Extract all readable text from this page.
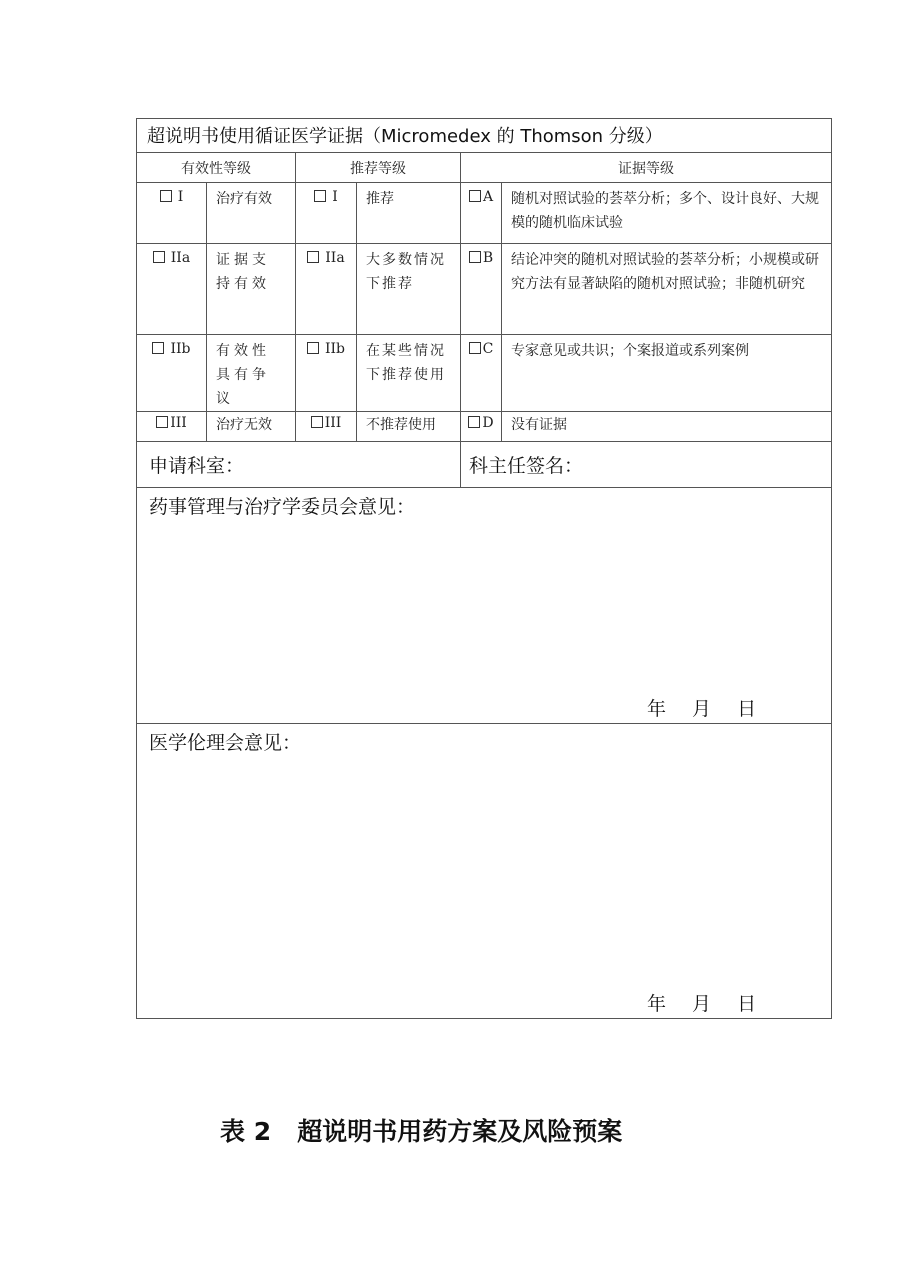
超说明书使用循证医学证据（Micromedex 的 Thomson 分级）					
有效性等级		推荐等级		证据等级	
I	治疗有效	I	推荐	A	随机对照试验的荟萃分析；多个、设计良好、大规模的随机临床试验
IIa	证据支持有效	IIa	大多数情况下推荐	B	结论冲突的随机对照试验的荟萃分析；小规模或研究方法有显著缺陷的随机对照试验；非随机研究
IIb	有效性具有争议	IIb	在某些情况下推荐使用	C	专家意见或共识；个案报道或系列案例
III	治疗无效	III	不推荐使用	D	没有证据
申请科室：				科主任签名：	
药事管理与治疗学委员会意见：
年 月 日					

医学伦理会意见：
年 月 日					
表 2   超说明书用药方案及风险预案
